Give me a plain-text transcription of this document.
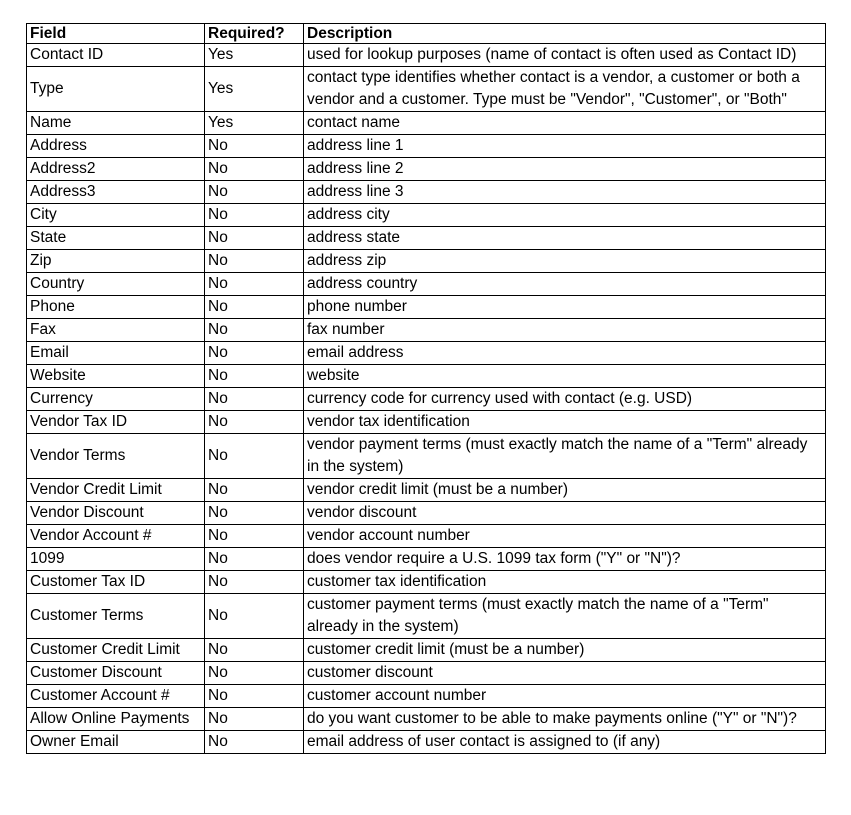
Field	Required?	Description
Contact ID	Yes	used for lookup purposes (name of contact is often used as Contact ID)
Type	Yes	contact type identifies whether contact is a vendor, a customer or both a vendor and a customer. Type must be "Vendor", "Customer", or "Both"
Name	Yes	contact name
Address	No	address line 1
Address2	No	address line 2
Address3	No	address line 3
City	No	address city
State	No	address state
Zip	No	address zip
Country	No	address country
Phone	No	phone number
Fax	No	fax number
Email	No	email address
Website	No	website
Currency	No	currency code for currency used with contact (e.g. USD)
Vendor Tax ID	No	vendor tax identification
Vendor Terms	No	vendor payment terms (must exactly match the name of a "Term" already in the system)
Vendor Credit Limit	No	vendor credit limit (must be a number)
Vendor Discount	No	vendor discount
Vendor Account #	No	vendor account number
1099	No	does vendor require a U.S. 1099 tax form ("Y" or "N")?
Customer Tax ID	No	customer tax identification
Customer Terms	No	customer payment terms (must exactly match the name of a "Term" already in the system)
Customer Credit Limit	No	customer credit limit (must be a number)
Customer Discount	No	customer discount
Customer Account #	No	customer account number
Allow Online Payments	No	do you want customer to be able to make payments online ("Y" or "N")?
Owner Email	No	email address of user contact is assigned to (if any)
